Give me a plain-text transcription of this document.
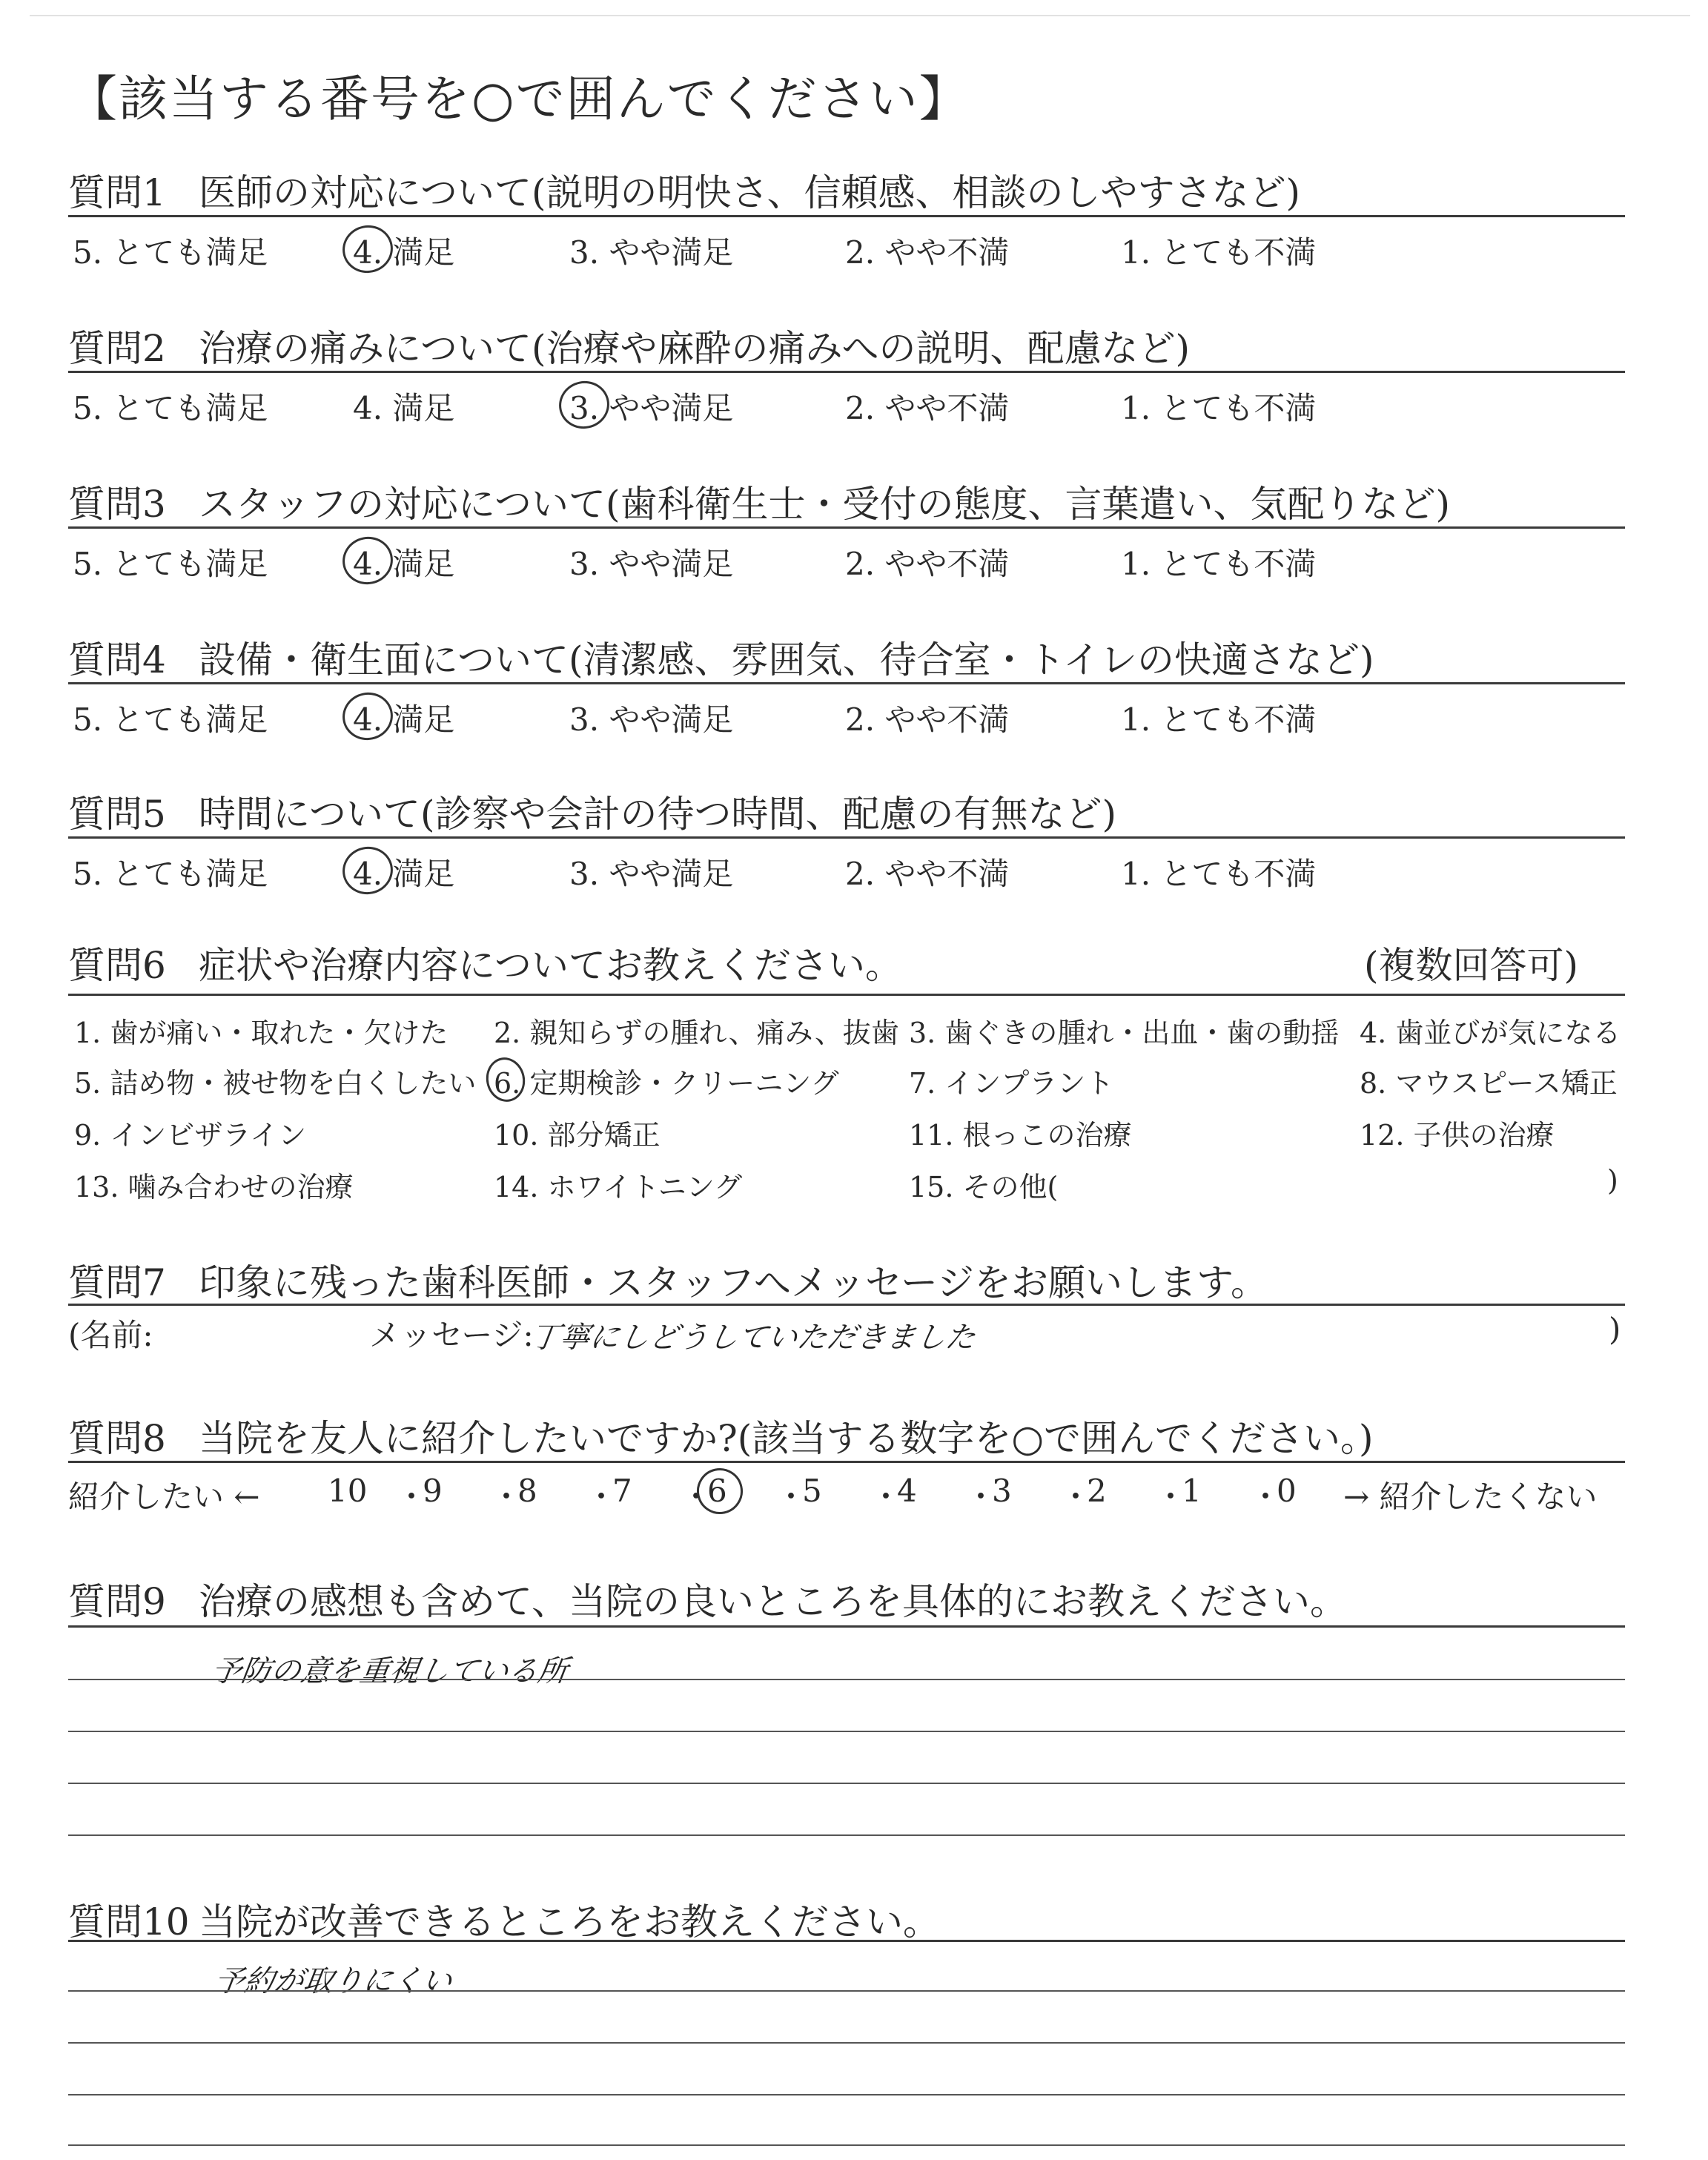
【該当する番号を○で囲んでください】
質問1 医師の対応について(説明の明快さ、信頼感、相談のしやすさなど)
5. とても満足	4. 満足	3. やや満足	2. やや不満	1. とても不満
質問2 治療の痛みについて(治療や麻酔の痛みへの説明、配慮など)
5. とても満足	4. 満足	3. やや満足	2. やや不満	1. とても不満
質問3 スタッフの対応について(歯科衛生士・受付の態度、言葉遣い、気配りなど)
5. とても満足	4. 満足	3. やや満足	2. やや不満	1. とても不満
質問4 設備・衛生面について(清潔感、雰囲気、待合室・トイレの快適さなど)
5. とても満足	4. 満足	3. やや満足	2. やや不満	1. とても不満
質問5 時間について(診察や会計の待つ時間、配慮の有無など)
5. とても満足	4. 満足	3. やや満足	2. やや不満	1. とても不満
質問6 症状や治療内容についてお教えください。	(複数回答可)
1. 歯が痛い・取れた・欠けた 2. 親知らずの腫れ、痛み、抜歯 3. 歯ぐきの腫れ・出血・歯の動揺 4. 歯並びが気になる
5. 詰め物・被せ物を白くしたい 6. 定期検診・クリーニング 7. インプラント	8. マウスピース矯正
9. インビザライン	10. 部分矯正	11. 根っこの治療	12. 子供の治療
13. 噛み合わせの治療	14. ホワイトニング	15. その他(	)
質問7 印象に残った歯科医師・スタッフへメッセージをお願いします。
(名前:	メッセージ:
丁寧にしどうしていただきました	)
質問8 当院を友人に紹介したいですか?(該当する数字を○で囲んでください。)
紹介したい ← 10 ・
9 ・
8 ・
7 ・
6 ・
5 ・
4 ・
3 ・
2 ・
1 ・
0 → 紹介したくない
質問9 治療の感想も含めて、当院の良いところを具体的にお教えください。
予防の意を重視している所
質問10 当院が改善できるところをお教えください。
予約が取りにくい
